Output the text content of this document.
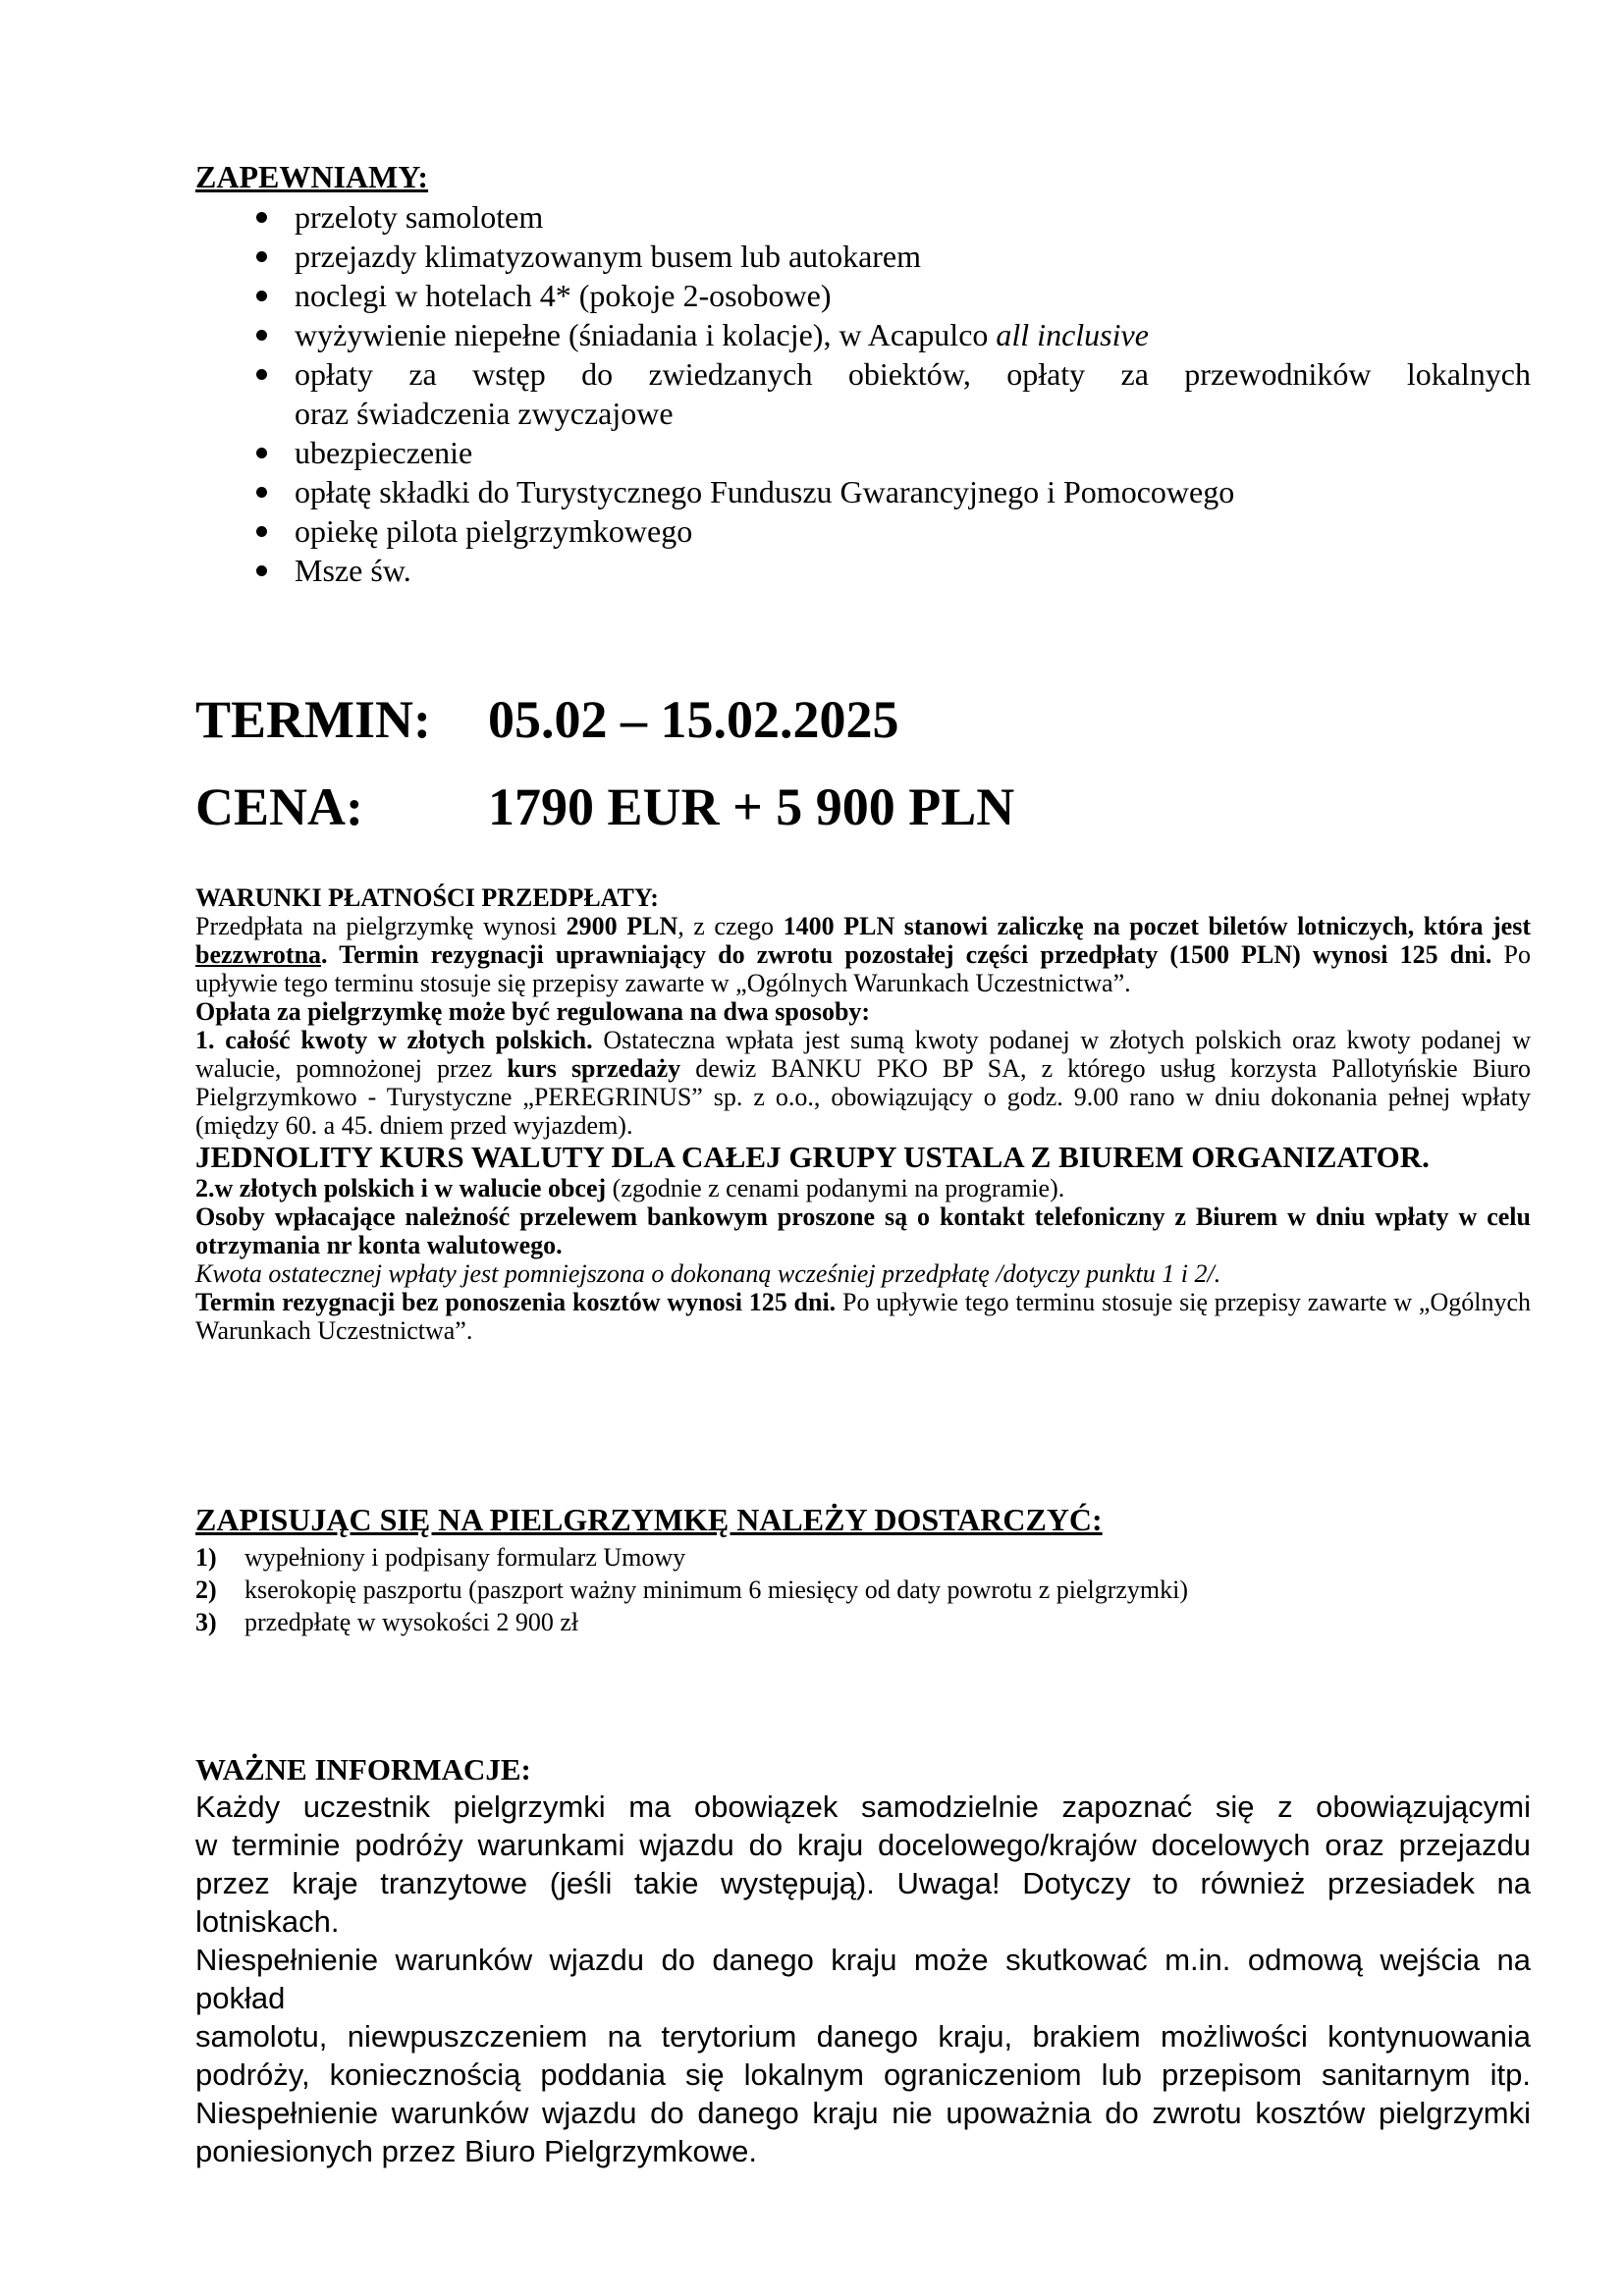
ZAPEWNIAMY:
przeloty samolotem
przejazdy klimatyzowanym busem lub autokarem
noclegi w hotelach 4* (pokoje 2-osobowe)
wyżywienie niepełne (śniadania i kolacje), w Acapulco all inclusive
opłaty za wstęp do zwiedzanych obiektów, opłaty za przewodników lokalnych
oraz świadczenia zwyczajowe
ubezpieczenie
opłatę składki do Turystycznego Funduszu Gwarancyjnego i Pomocowego
opiekę pilota pielgrzymkowego
Msze św.
TERMIN: 05.02 – 15.02.2025
CENA: 1790 EUR + 5 900 PLN

WARUNKI PŁATNOŚCI PRZEDPŁATY:

Przedpłata na pielgrzymkę wynosi 2900 PLN, z czego 1400 PLN stanowi zaliczkę na poczet biletów lotniczych, która jest bezzwrotna. Termin rezygnacji uprawniający do zwrotu pozostałej części przedpłaty (1500 PLN) wynosi 125 dni. Po upływie tego terminu stosuje się przepisy zawarte w „Ogólnych Warunkach Uczestnictwa”.

Opłata za pielgrzymkę może być regulowana na dwa sposoby:

1. całość kwoty w złotych polskich. Ostateczna wpłata jest sumą kwoty podanej w złotych polskich oraz kwoty podanej w walucie, pomnożonej przez kurs sprzedaży dewiz BANKU PKO BP SA, z którego usług korzysta Pallotyńskie Biuro Pielgrzymkowo - Turystyczne „PEREGRINUS” sp. z o.o., obowiązujący o godz. 9.00 rano w dniu dokonania pełnej wpłaty (między 60. a 45. dniem przed wyjazdem).

JEDNOLITY KURS WALUTY DLA CAŁEJ GRUPY USTALA Z BIUREM ORGANIZATOR.

2.w złotych polskich i w walucie obcej (zgodnie z cenami podanymi na programie).

Osoby wpłacające należność przelewem bankowym proszone są o kontakt telefoniczny z Biurem w dniu wpłaty w celu otrzymania nr konta walutowego.

Kwota ostatecznej wpłaty jest pomniejszona o dokonaną wcześniej przedpłatę /dotyczy punktu 1 i 2/.

Termin rezygnacji bez ponoszenia kosztów wynosi 125 dni. Po upływie tego terminu stosuje się przepisy zawarte w „Ogólnych Warunkach Uczestnictwa”.

ZAPISUJĄC SIĘ NA PIELGRZYMKĘ NALEŻY DOSTARCZYĆ:
1) wypełniony i podpisany formularz Umowy
2) kserokopię paszportu (paszport ważny minimum 6 miesięcy od daty powrotu z pielgrzymki)
3) przedpłatę w wysokości 2 900 zł
WAŻNE INFORMACJE:

Każdy uczestnik pielgrzymki ma obowiązek samodzielnie zapoznać się z obowiązującymi
w terminie podróży warunkami wjazdu do kraju docelowego/krajów docelowych oraz przejazdu
przez kraje tranzytowe (jeśli takie występują). Uwaga! Dotyczy to również przesiadek na lotniskach.
Niespełnienie warunków wjazdu do danego kraju może skutkować m.in. odmową wejścia na pokład
samolotu, niewpuszczeniem na terytorium danego kraju, brakiem możliwości kontynuowania
podróży, koniecznością poddania się lokalnym ograniczeniom lub przepisom sanitarnym itp.
Niespełnienie warunków wjazdu do danego kraju nie upoważnia do zwrotu kosztów pielgrzymki
poniesionych przez Biuro Pielgrzymkowe.
